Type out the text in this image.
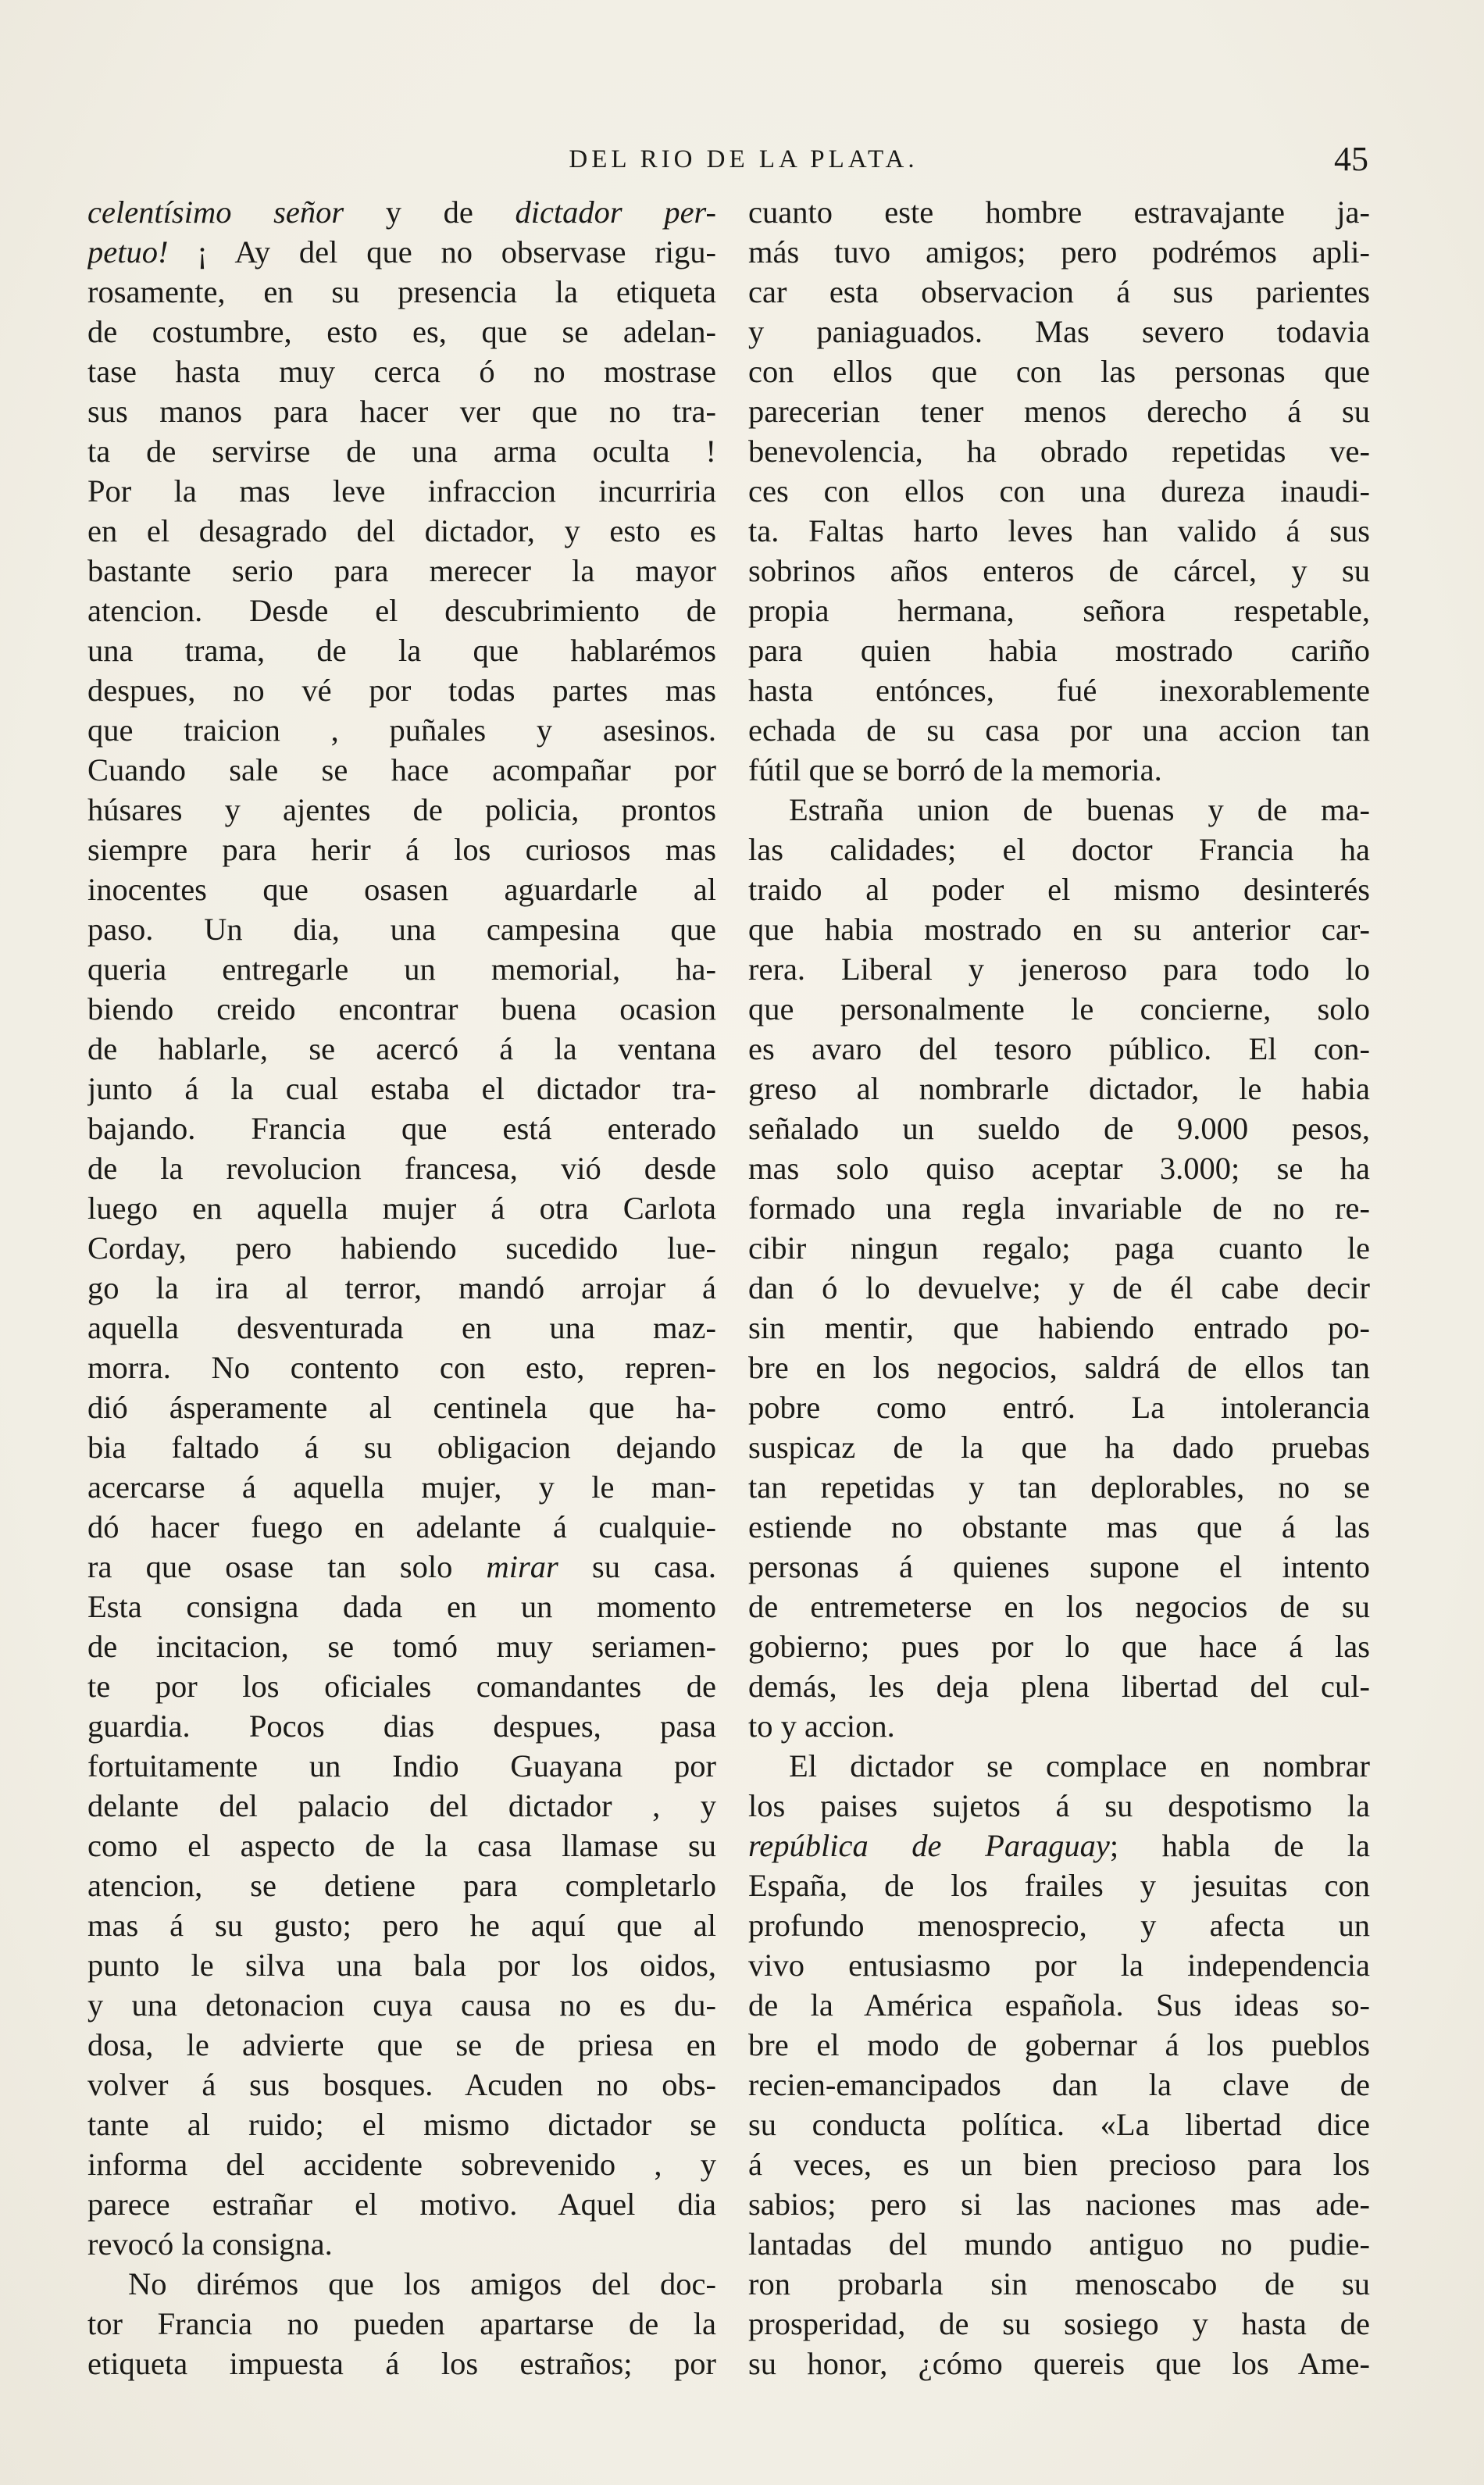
DEL RIO DE LA PLATA.	45
celentísimo señor y de dictador per-
petuo! ¡ Ay del que no observase rigu-
rosamente, en su presencia la etiqueta
de costumbre, esto es, que se adelan-
tase hasta muy cerca ó no mostrase
sus manos para hacer ver que no tra-
ta de servirse de una arma oculta !
Por la mas leve infraccion incurriria
en el desagrado del dictador, y esto es
bastante serio para merecer la mayor
atencion. Desde el descubrimiento de
una trama, de la que hablarémos
despues, no vé por todas partes mas
que traicion , puñales y asesinos.
Cuando sale se hace acompañar por
húsares y ajentes de policia, prontos
siempre para herir á los curiosos mas
inocentes que osasen aguardarle al
paso. Un dia, una campesina que
queria entregarle un memorial, ha-
biendo creido encontrar buena ocasion
de hablarle, se acercó á la ventana
junto á la cual estaba el dictador tra-
bajando. Francia que está enterado
de la revolucion francesa, vió desde
luego en aquella mujer á otra Carlota
Corday, pero habiendo sucedido lue-
go la ira al terror, mandó arrojar á
aquella desventurada en una maz-
morra. No contento con esto, repren-
dió ásperamente al centinela que ha-
bia faltado á su obligacion dejando
acercarse á aquella mujer, y le man-
dó hacer fuego en adelante á cualquie-
ra que osase tan solo mirar su casa.
Esta consigna dada en un momento
de incitacion, se tomó muy seriamen-
te por los oficiales comandantes de
guardia. Pocos dias despues, pasa
fortuitamente un Indio Guayana por
delante del palacio del dictador , y
como el aspecto de la casa llamase su
atencion, se detiene para completarlo
mas á su gusto; pero he aquí que al
punto le silva una bala por los oidos,
y una detonacion cuya causa no es du-
dosa, le advierte que se de priesa en
volver á sus bosques. Acuden no obs-
tante al ruido; el mismo dictador se
informa del accidente sobrevenido , y
parece estrañar el motivo. Aquel dia
revocó la consigna.
No dirémos que los amigos del doc-
tor Francia no pueden apartarse de la
etiqueta impuesta á los estraños; por
cuanto este hombre estravajante ja-
más tuvo amigos; pero podrémos apli-
car esta observacion á sus parientes
y paniaguados. Mas severo todavia
con ellos que con las personas que
parecerian tener menos derecho á su
benevolencia, ha obrado repetidas ve-
ces con ellos con una dureza inaudi-
ta. Faltas harto leves han valido á sus
sobrinos años enteros de cárcel, y su
propia hermana, señora respetable,
para quien habia mostrado cariño
hasta entónces, fué inexorablemente
echada de su casa por una accion tan
fútil que se borró de la memoria.
Estraña union de buenas y de ma-
las calidades; el doctor Francia ha
traido al poder el mismo desinterés
que habia mostrado en su anterior car-
rera. Liberal y jeneroso para todo lo
que personalmente le concierne, solo
es avaro del tesoro público. El con-
greso al nombrarle dictador, le habia
señalado un sueldo de 9.000 pesos,
mas solo quiso aceptar 3.000; se ha
formado una regla invariable de no re-
cibir ningun regalo; paga cuanto le
dan ó lo devuelve; y de él cabe decir
sin mentir, que habiendo entrado po-
bre en los negocios, saldrá de ellos tan
pobre como entró. La intolerancia
suspicaz de la que ha dado pruebas
tan repetidas y tan deplorables, no se
estiende no obstante mas que á las
personas á quienes supone el intento
de entremeterse en los negocios de su
gobierno; pues por lo que hace á las
demás, les deja plena libertad del cul-
to y accion.
El dictador se complace en nombrar
los paises sujetos á su despotismo la
república de Paraguay; habla de la
España, de los frailes y jesuitas con
profundo menosprecio, y afecta un
vivo entusiasmo por la independencia
de la América española. Sus ideas so-
bre el modo de gobernar á los pueblos
recien-emancipados dan la clave de
su conducta política. «La libertad dice
á veces, es un bien precioso para los
sabios; pero si las naciones mas ade-
lantadas del mundo antiguo no pudie-
ron probarla sin menoscabo de su
prosperidad, de su sosiego y hasta de
su honor, ¿cómo quereis que los Ame-
